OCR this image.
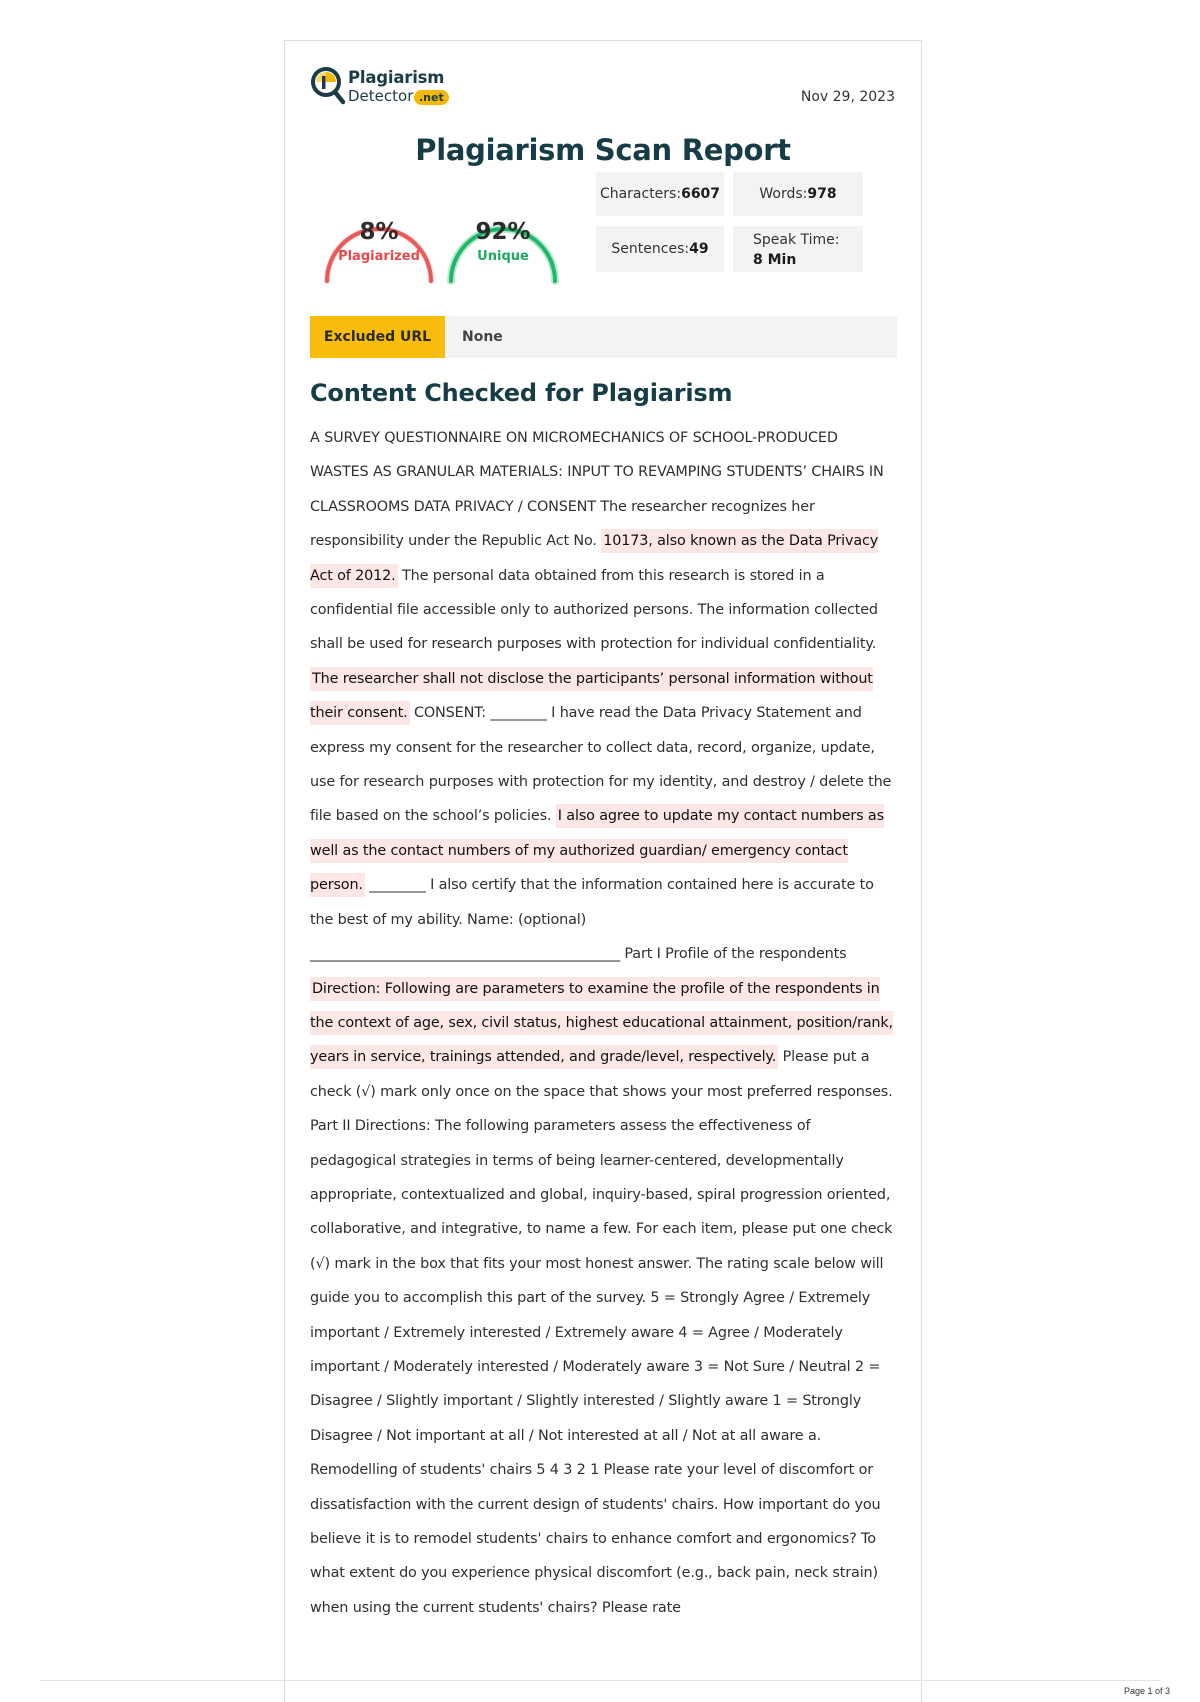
Plagiarism
Detector .net	Nov 29, 2023
Plagiarism Scan Report
8%
Plagiarized
92%
Unique
Characters: 6607	Words: 978
Sentences: 49
Speak Time:
8 Min
Excluded URL	None
Content Checked for Plagiarism
A SURVEY QUESTIONNAIRE ON MICROMECHANICS OF SCHOOL-PRODUCED WASTES AS GRANULAR MATERIALS: INPUT TO REVAMPING STUDENTS’ CHAIRS IN CLASSROOMS DATA PRIVACY / CONSENT The researcher recognizes her responsibility under the Republic Act No. 10173, also known as the Data Privacy Act of 2012. The personal data obtained from this research is stored in a confidential file accessible only to authorized persons. The information collected shall be used for research purposes with protection for individual confidentiality. The researcher shall not disclose the participants’ personal information without their consent. CONSENT: ________ I have read the Data Privacy Statement and express my consent for the researcher to collect data, record, organize, update, use for research purposes with protection for my identity, and destroy / delete the file based on the school’s policies. I also agree to update my contact numbers as well as the contact numbers of my authorized guardian/ emergency contact person. ________ I also certify that the information contained here is accurate to the best of my ability. Name: (optional) ____________________________________________ Part I Profile of the respondents Direction: Following are parameters to examine the profile of the respondents in the context of age, sex, civil status, highest educational attainment, position/rank, years in service, trainings attended, and grade/level, respectively. Please put a check (√) mark only once on the space that shows your most preferred responses. Part II Directions: The following parameters assess the effectiveness of pedagogical strategies in terms of being learner-centered, developmentally appropriate, contextualized and global, inquiry-based, spiral progression oriented, collaborative, and integrative, to name a few. For each item, please put one check (√) mark in the box that fits your most honest answer. The rating scale below will guide you to accomplish this part of the survey. 5 = Strongly Agree / Extremely important / Extremely interested / Extremely aware 4 = Agree / Moderately important / Moderately interested / Moderately aware 3 = Not Sure / Neutral 2 = Disagree / Slightly important / Slightly interested / Slightly aware 1 = Strongly Disagree / Not important at all / Not interested at all / Not at all aware a. Remodelling of students' chairs 5 4 3 2 1 Please rate your level of discomfort or dissatisfaction with the current design of students' chairs. How important do you believe it is to remodel students' chairs to enhance comfort and ergonomics? To what extent do you experience physical discomfort (e.g., back pain, neck strain) when using the current students' chairs? Please rate
Page 1 of 3
